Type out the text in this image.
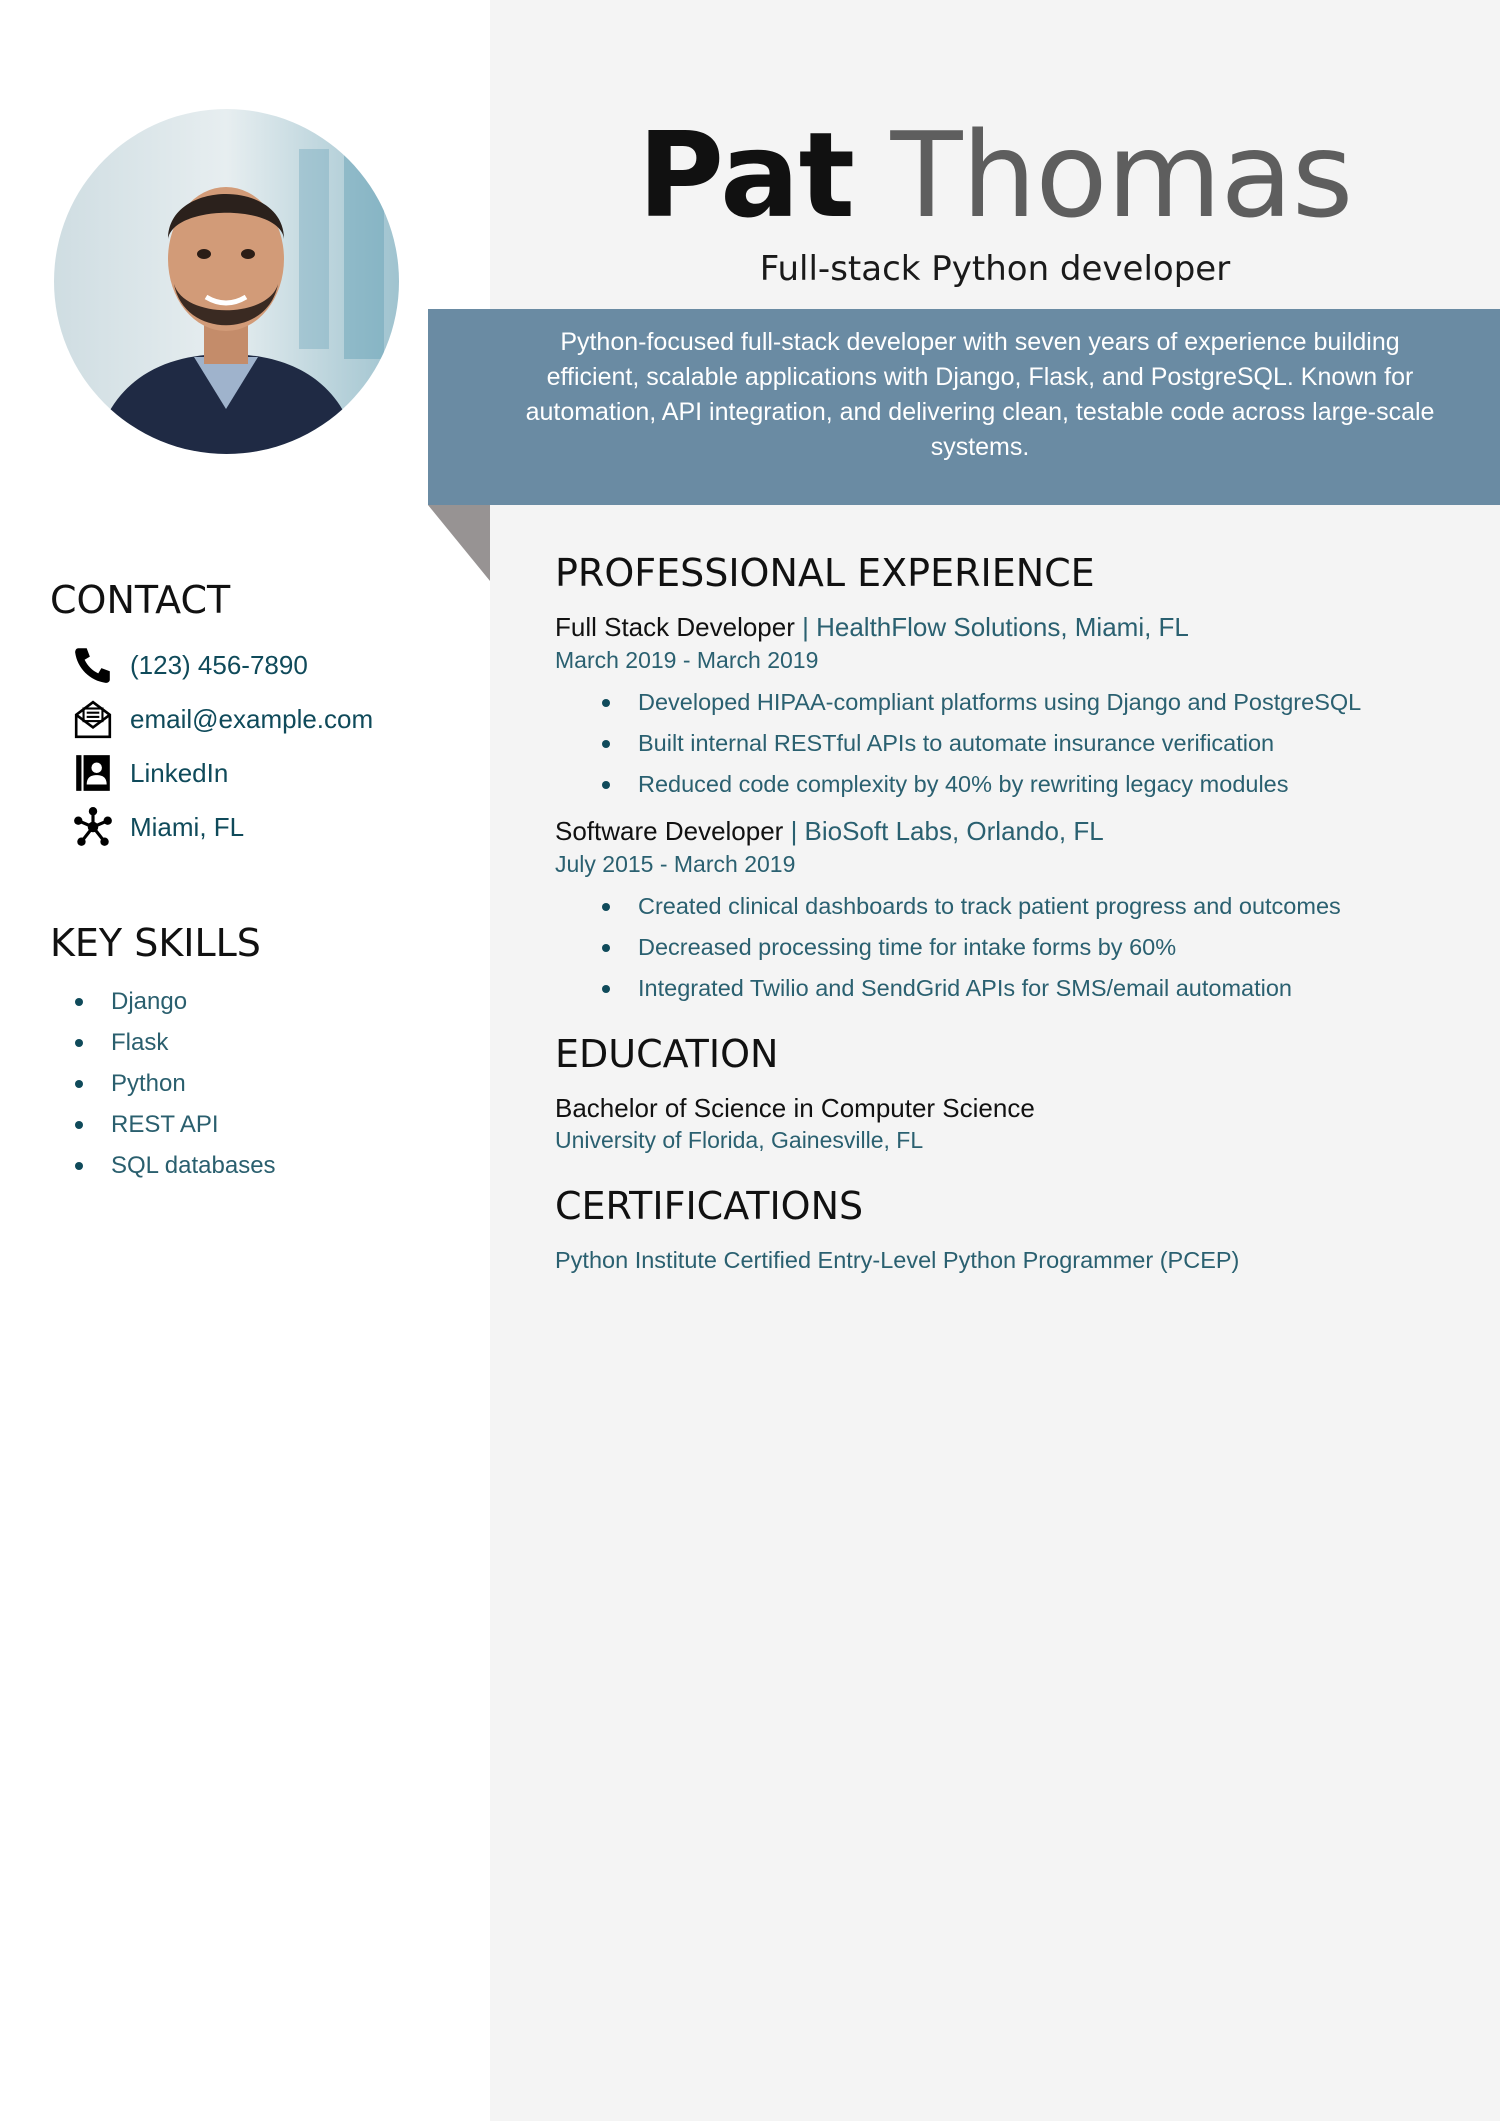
Pat Thomas
Full-stack Python developer
Python-focused full-stack developer with seven years of experience building efficient, scalable applications with Django, Flask, and PostgreSQL. Known for automation, API integration, and delivering clean, testable code across large-scale systems.
CONTACT
(123) 456-7890
email@example.com
LinkedIn
Miami, FL
KEY SKILLS
Django
Flask
Python
REST API
SQL databases
PROFESSIONAL EXPERIENCE
Full Stack Developer | HealthFlow Solutions, Miami, FL
March 2019 - March 2019
Developed HIPAA-compliant platforms using Django and PostgreSQL
Built internal RESTful APIs to automate insurance verification
Reduced code complexity by 40% by rewriting legacy modules
Software Developer | BioSoft Labs, Orlando, FL
July 2015 - March 2019
Created clinical dashboards to track patient progress and outcomes
Decreased processing time for intake forms by 60%
Integrated Twilio and SendGrid APIs for SMS/email automation
EDUCATION
Bachelor of Science in Computer Science
University of Florida, Gainesville, FL
CERTIFICATIONS
Python Institute Certified Entry-Level Python Programmer (PCEP)
